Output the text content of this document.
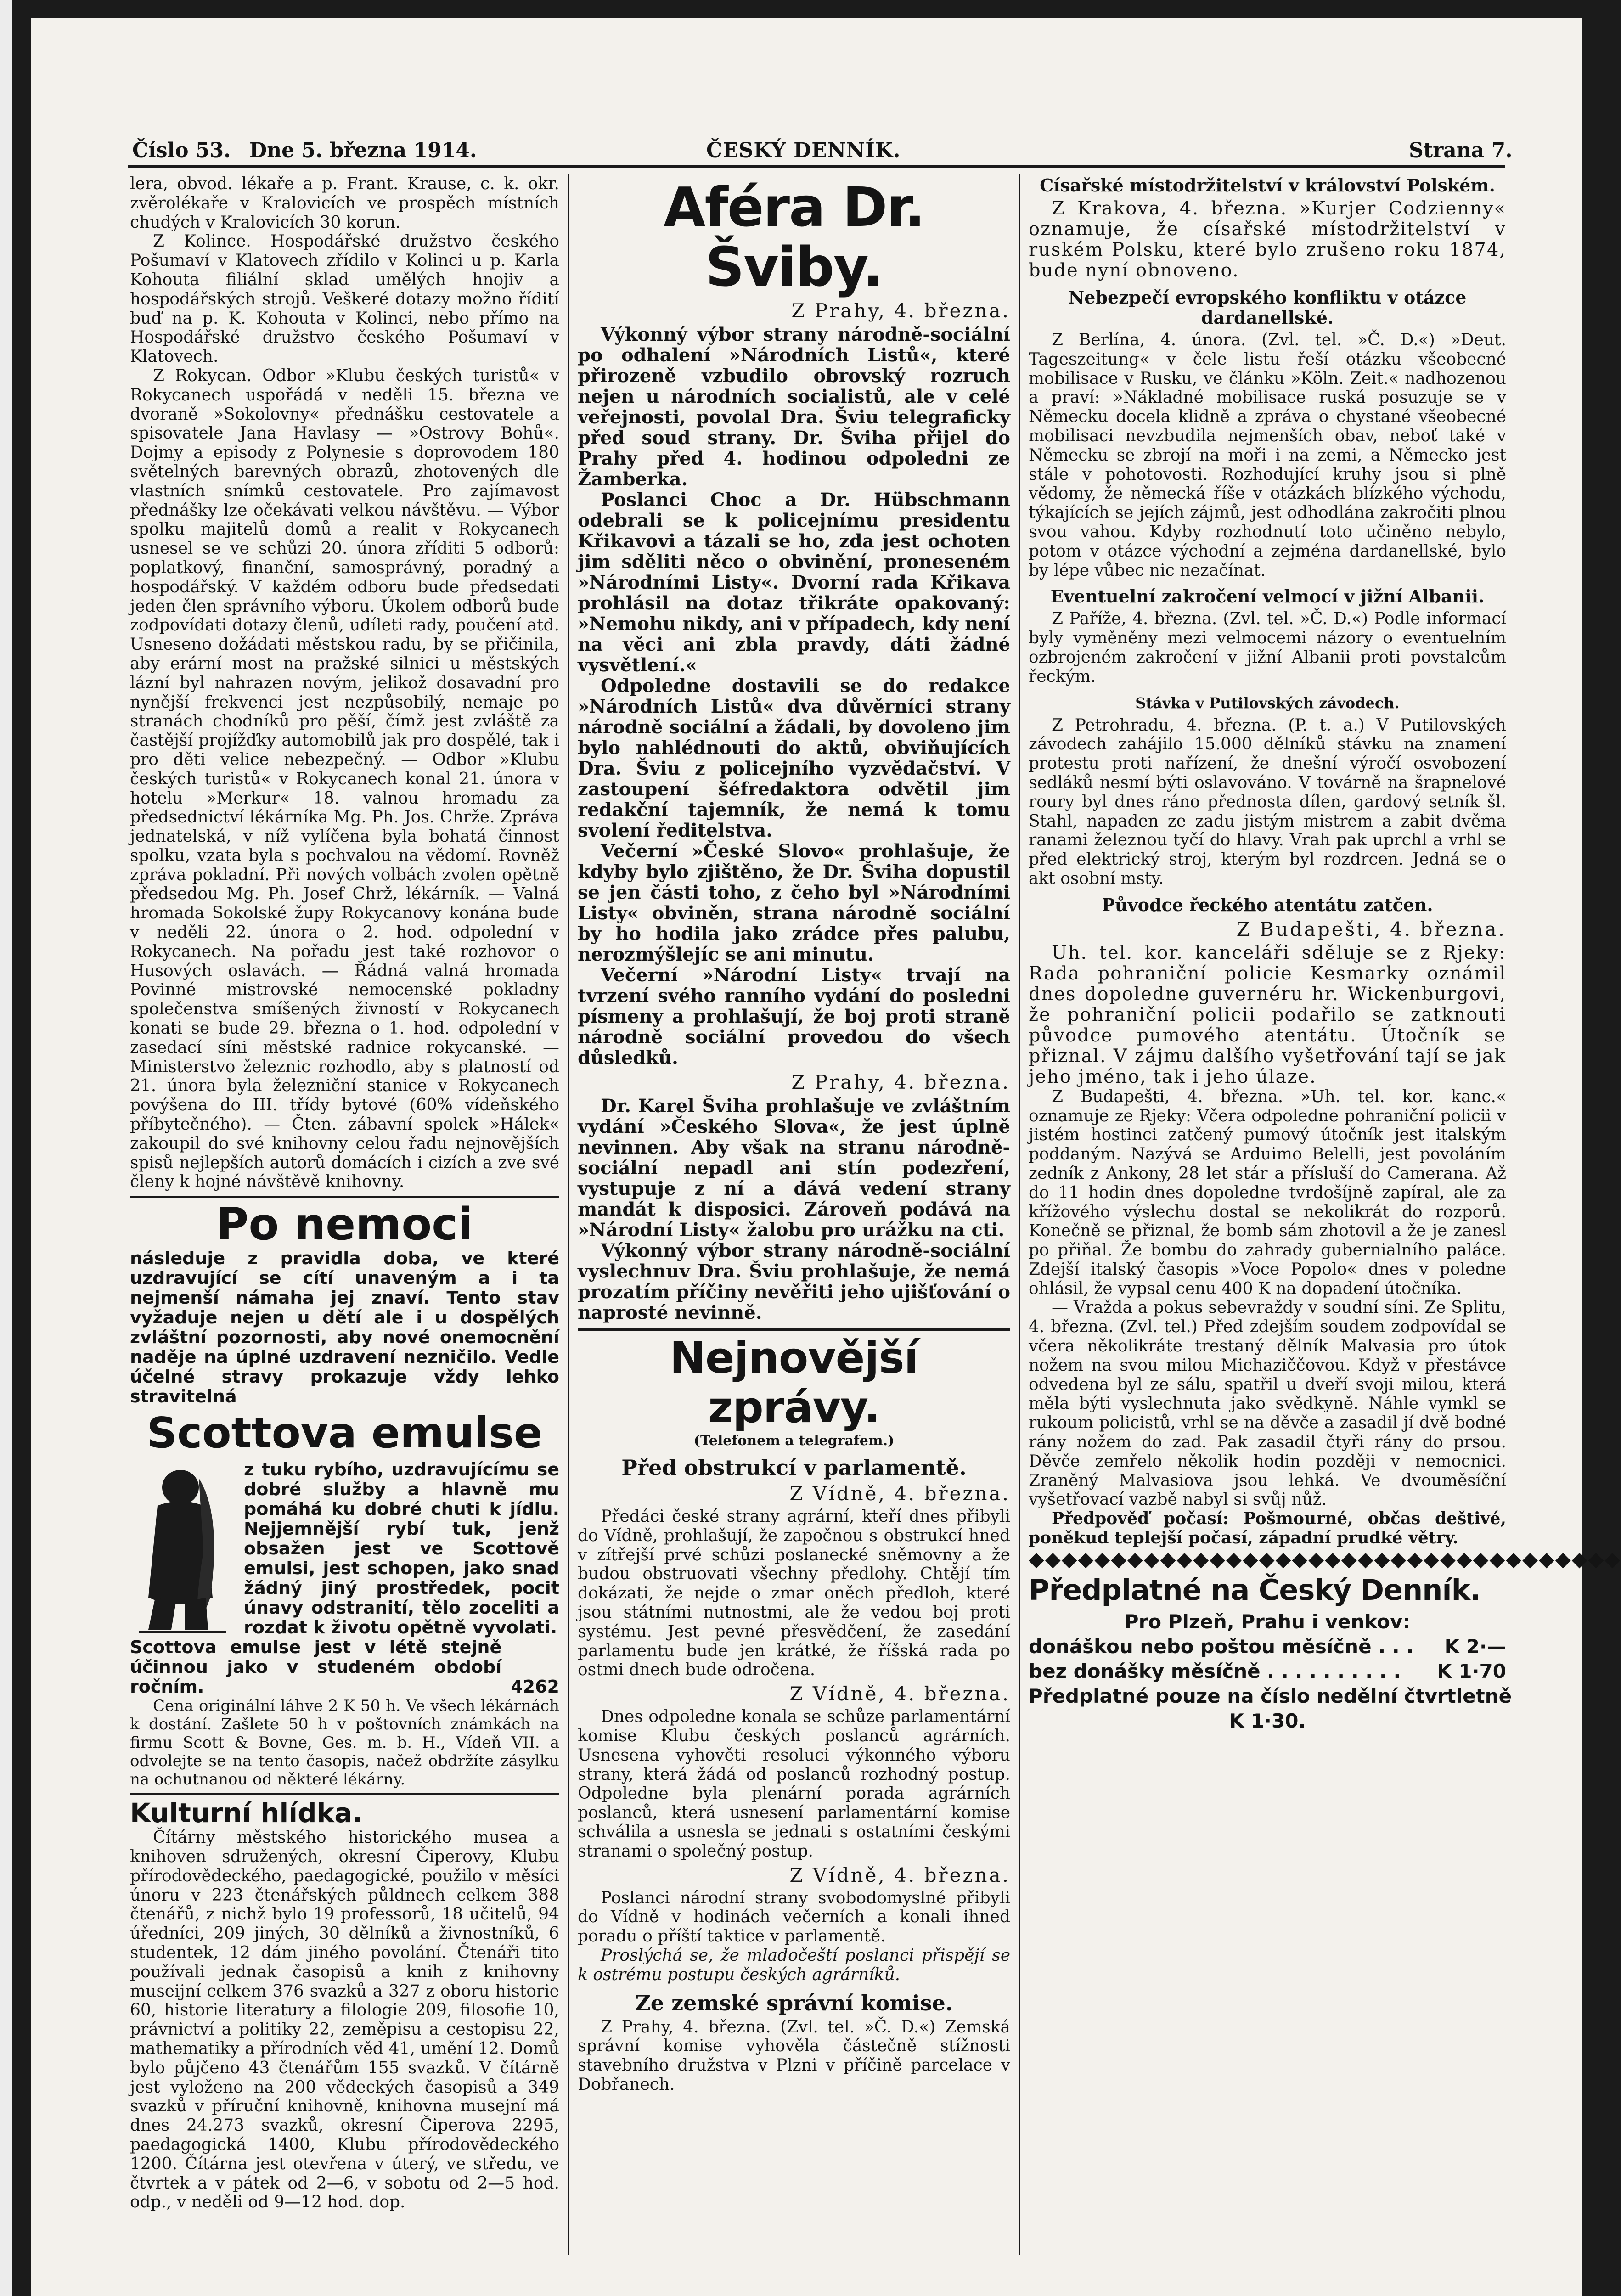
Číslo 53. Dne 5. března 1914.	ČESKÝ DENNÍK.	Strana 7.

lera, obvod. lékaře a p. Frant. Krause, c. k. okr. zvěrolékaře v Kralovicích ve prospěch místních chudých v Kralovicích 30 korun.

Z Kolince. Hospodářské družstvo českého Pošumaví v Klatovech zřídilo v Kolinci u p. Karla Kohouta filiální sklad umělých hnojiv a hospodářských strojů. Veškeré dotazy možno řídití buď na p. K. Kohouta v Kolinci, nebo přímo na Hospodářské družstvo českého Pošumaví v Klatovech.

Z Rokycan. Odbor »Klubu českých turistů« v Rokycanech uspořádá v neděli 15. března ve dvoraně »Sokolovny« přednášku cestovatele a spisovatele Jana Havlasy — »Ostrovy Bohů«. Dojmy a episody z Polynesie s doprovodem 180 světelných barevných obrazů, zhotovených dle vlastních snímků cestovatele. Pro zajímavost přednášky lze očekávati velkou návštěvu. — Výbor spolku majitelů domů a realit v Rokycanech usnesel se ve schůzi 20. února zříditi 5 odborů: poplatkový, finanční, samosprávný, poradný a hospodářský. V každém odboru bude předsedati jeden člen správního výboru. Úkolem odborů bude zodpovídati dotazy členů, udíleti rady, poučení atd. Usneseno dožádati městskou radu, by se přičinila, aby erární most na pražské silnici u městských lázní byl nahrazen novým, jelikož dosavadní pro nynější frekvenci jest nezpůsobilý, nemaje po stranách chodníků pro pěší, čímž jest zvláště za častější projížďky automobilů jak pro dospělé, tak i pro děti velice nebezpečný. — Odbor »Klubu českých turistů« v Rokycanech konal 21. února v hotelu »Merkur« 18. valnou hromadu za předsednictví lékárníka Mg. Ph. Jos. Chrže. Zpráva jednatelská, v níž vylíčena byla bohatá činnost spolku, vzata byla s pochvalou na vědomí. Rovněž zpráva pokladní. Při nových volbách zvolen opětně předsedou Mg. Ph. Josef Chrž, lékárník. — Valná hromada Sokolské župy Rokycanovy konána bude v neděli 22. února o 2. hod. odpolední v Rokycanech. Na pořadu jest také rozhovor o Husových oslavách. — Řádná valná hromada Povinné mistrovské nemocenské pokladny společenstva smíšených živností v Rokycanech konati se bude 29. března o 1. hod. odpolední v zasedací síni městské radnice rokycanské. — Ministerstvo železnic rozhodlo, aby s platností od 21. února byla železniční stanice v Rokycanech povýšena do III. třídy bytové (60% vídeňského příbytečného). — Čten. zábavní spolek »Hálek« zakoupil do své knihovny celou řadu nejnovějších spisů nejlepších autorů domácích i cizích a zve své členy k hojné návštěvě knihovny.

Po nemoci

následuje z pravidla doba, ve které uzdravující se cítí unaveným a i ta nejmenší námaha jej znaví. Tento stav vyžaduje nejen u dětí ale i u dospělých zvláštní pozornosti, aby nové onemocnění naděje na úplné uzdravení nezničilo. Vedle účelné stravy prokazuje vždy lehko stravitelná

Scottova emulse

z tuku rybího, uzdravujícímu se dobré služby a hlavně mu pomáhá ku dobré chuti k jídlu. Nejjemnější rybí tuk, jenž obsažen jest ve Scottově emulsi, jest schopen, jako snad žádný jiný prostředek, pocit únavy odstranití, tělo zoceliti a rozdat k životu opětně vyvolati.

Scottova emulse jest v létě stejně účinnou jako v studeném období ročním.	4262

Cena originální láhve 2 K 50 h. Ve všech lékárnách k dostání. Zašlete 50 h v poštovních známkách na firmu Scott & Bovne, Ges. m. b. H., Vídeň VII. a odvolejte se na tento časopis, načež obdržíte zásylku na ochutnanou od některé lékárny.

Kulturní hlídka.

Čítárny městského historického musea a knihoven sdružených, okresní Čiperovy, Klubu přírodovědeckého, paedagogické, použilo v měsíci únoru v 223 čtenářských půldnech celkem 388 čtenářů, z nichž bylo 19 professorů, 18 učitelů, 94 úředníci, 209 jiných, 30 dělníků a živnostníků, 6 studentek, 12 dám jiného povolání. Čtenáři tito používali jednak časopisů a knih z knihovny museijní celkem 376 svazků a 327 z oboru historie 60, historie literatury a filologie 209, filosofie 10, právnictví a politiky 22, zeměpisu a cestopisu 22, mathematiky a přírodních věd 41, umění 12. Domů bylo půjčeno 43 čtenářům 155 svazků. V čítárně jest vyloženo na 200 vědeckých časopisů a 349 svazků v příruční knihovně, knihovna musejní má dnes 24.273 svazků, okresní Čiperova 2295, paedagogická 1400, Klubu přírodovědeckého 1200. Čítárna jest otevřena v úterý, ve středu, ve čtvrtek a v pátek od 2—6, v sobotu od 2—5 hod. odp., v neděli od 9—12 hod. dop.

Aféra Dr. Šviby.

Z Prahy, 4. března.

Výkonný výbor strany národně-sociální po odhalení »Národních Listů«, které přirozeně vzbudilo obrovský rozruch nejen u národních socialistů, ale v celé veřejnosti, povolal Dra. Šviu telegraficky před soud strany. Dr. Šviha přijel do Prahy před 4. hodinou odpoledni ze Žamberka.

Poslanci Choc a Dr. Hübschmann odebrali se k policejnímu presidentu Křikavovi a tázali se ho, zda jest ochoten jim sděliti něco o obvinění, proneseném »Národními Listy«. Dvorní rada Křikava prohlásil na dotaz třikráte opakovaný: »Nemohu nikdy, ani v případech, kdy není na věci ani zbla pravdy, dáti žádné vysvětlení.«

Odpoledne dostavili se do redakce »Národních Listů« dva důvěrníci strany národně sociální a žádali, by dovoleno jim bylo nahlédnouti do aktů, obviňujících Dra. Šviu z policejního vyzvědačství. V zastoupení šéfredaktora odvětil jim redakční tajemník, že nemá k tomu svolení ředitelstva.

Večerní »České Slovo« prohlašuje, že kdyby bylo zjištěno, že Dr. Šviha dopustil se jen části toho, z čeho byl »Národními Listy« obviněn, strana národně sociální by ho hodila jako zrádce přes palubu, nerozmýšlejíc se ani minutu.

Večerní »Národní Listy« trvají na tvrzení svého ranního vydání do posledni písmeny a prohlašují, že boj proti straně národně sociální provedou do všech důsledků.

Z Prahy, 4. března.

Dr. Karel Šviha prohlašuje ve zvláštním vydání »Českého Slova«, že jest úplně nevinnen. Aby však na stranu národně-sociální nepadl ani stín podezření, vystupuje z ní a dává vedení strany mandát k disposici. Zároveň podává na »Národní Listy« žalobu pro urážku na cti.

Výkonný výbor strany národně-sociální vyslechnuv Dra. Šviu prohlašuje, že nemá prozatím příčiny nevěřiti jeho ujišťování o naprosté nevinně.

Nejnovější zprávy.

(Telefonem a telegrafem.)

Před obstrukcí v parlamentě.
Z Vídně, 4. března.

Předáci české strany agrární, kteří dnes přibyli do Vídně, prohlašují, že započnou s obstrukcí hned v zítřejší prvé schůzi poslanecké sněmovny a že budou obstruovati všechny předlohy. Chtějí tím dokázati, že nejde o zmar oněch předloh, které jsou státními nutnostmi, ale že vedou boj proti systému. Jest pevné přesvědčení, že zasedání parlamentu bude jen krátké, že říšská rada po ostmi dnech bude odročena.

Z Vídně, 4. března.

Dnes odpoledne konala se schůze parlamentární komise Klubu českých poslanců agrárních. Usnesena vyhověti resoluci výkonného výboru strany, která žádá od poslanců rozhodný postup. Odpoledne byla plenární porada agrárních poslanců, která usnesení parlamentární komise schválila a usnesla se jednati s ostatními českými stranami o společný postup.

Z Vídně, 4. března.

Poslanci národní strany svobodomyslné přibyli do Vídně v hodinách večerních a konali ihned poradu o příští taktice v parlamentě.

Proslýchá se, že mladočeští poslanci přispějí se k ostrému postupu českých agrárníků.

Ze zemské správní komise.

Z Prahy, 4. března. (Zvl. tel. »Č. D.«) Zemská správní komise vyhověla částečně stížnosti stavebního družstva v Plzni v příčině parcelace v Dobřanech.

Císařské místodržitelství v království Polském.

Z Krakova, 4. března. »Kurjer Codzienny« oznamuje, že císařské místodržitelství v ruském Polsku, které bylo zrušeno roku 1874, bude nyní obnoveno.

Nebezpečí evropského konfliktu v otázce dardanellské.

Z Berlína, 4. února. (Zvl. tel. »Č. D.«) »Deut. Tageszeitung« v čele listu řeší otázku všeobecné mobilisace v Rusku, ve článku »Köln. Zeit.« nadhozenou a praví: »Nákladné mobilisace ruská posuzuje se v Německu docela klidně a zpráva o chystané všeobecné mobilisaci nevzbudila nejmenších obav, neboť také v Německu se zbrojí na moři i na zemi, a Německo jest stále v pohotovosti. Rozhodující kruhy jsou si plně vědomy, že německá říše v otázkách blízkého východu, týkajících se jejích zájmů, jest odhodlána zakročiti plnou svou vahou. Kdyby rozhodnutí toto učiněno nebylo, potom v otázce východní a zejména dardanellské, bylo by lépe vůbec nic nezačínat.

Eventuelní zakročení velmocí v jižní Albanii.

Z Paříže, 4. března. (Zvl. tel. »Č. D.«) Podle informací byly vyměněny mezi velmocemi názory o eventuelním ozbrojeném zakročení v jižní Albanii proti povstalcům řeckým.

Stávka v Putilovských závodech.

Z Petrohradu, 4. března. (P. t. a.) V Putilovských závodech zahájilo 15.000 dělníků stávku na znamení protestu proti nařízení, že dnešní výročí osvobození sedláků nesmí býti oslavováno. V továrně na šrapnelové roury byl dnes ráno přednosta dílen, gardový setník šl. Stahl, napaden ze zadu jistým mistrem a zabit dvěma ranami železnou tyčí do hlavy. Vrah pak uprchl a vrhl se před elektrický stroj, kterým byl rozdrcen. Jedná se o akt osobní msty.

Původce řeckého atentátu zatčen.
Z Budapešti, 4. března.

Uh. tel. kor. kanceláři sděluje se z Rjeky: Rada pohraniční policie Kesmarky oznámil dnes dopoledne guvernéru hr. Wickenburgovi, že pohraniční policii podařilo se zatknouti původce pumového atentátu. Útočník se přiznal. V zájmu dalšího vyšetřování tají se jak jeho jméno, tak i jeho úlaze.

Z Budapešti, 4. března. »Uh. tel. kor. kanc.« oznamuje ze Rjeky: Včera odpoledne pohraniční policii v jistém hostinci zatčený pumový útočník jest italským poddaným. Nazývá se Arduimo Belelli, jest povoláním zedník z Ankony, 28 let stár a přísluší do Camerana. Až do 11 hodin dnes dopoledne tvrdošíjně zapíral, ale za křížového výslechu dostal se nekolikrát do rozporů. Konečně se přiznal, že bomb sám zhotovil a že je zanesl po přiňal. Že bombu do zahrady gubernialního paláce. Zdejší italský časopis »Voce Popolo« dnes v poledne ohlásil, že vypsal cenu 400 K na dopadení útočníka.

— Vražda a pokus sebevraždy v soudní síni. Ze Splitu, 4. března. (Zvl. tel.) Před zdejším soudem zodpovídal se včera několikráte trestaný dělník Malvasia pro útok nožem na svou milou Michaziččovou. Když v přestávce odvedena byl ze sálu, spatřil u dveří svoji milou, která měla býti vyslechnuta jako svědkyně. Náhle vymkl se rukoum policistů, vrhl se na děvče a zasadil jí dvě bodné rány nožem do zad. Pak zasadil čtyři rány do prsou. Děvče zemřelo několik hodin později v nemocnici. Zraněný Malvasiova jsou lehká. Ve dvouměsíční vyšetřovací vazbě nabyl si svůj nůž.

Předpověď počasí: Pošmourné, občas deštivé, poněkud teplejší počasí, západní prudké větry.

◆◆◆◆◆◆◆◆◆◆◆◆◆◆◆◆◆◆◆◆◆◆◆◆◆◆◆◆◆◆◆◆◆◆◆◆

Předplatné na Český Denník.

Pro Plzeň, Prahu i venkov:

donáškou nebo poštou měsíčně . . . K 2·—
bez donášky měsíčně . . . . . . . . . . K 1·70

Předplatné pouze na číslo nedělní čtvrtletně

K 1·30.
